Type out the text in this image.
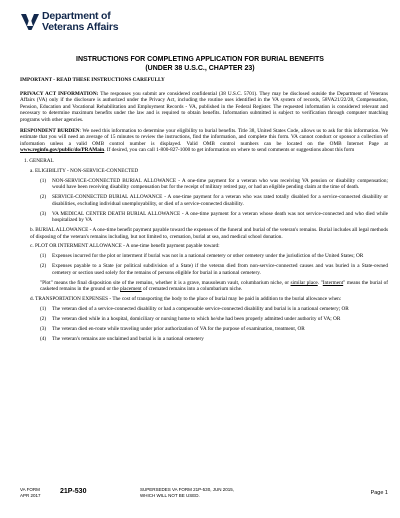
Department of
Veterans Affairs
INSTRUCTIONS FOR COMPLETING APPLICATION FOR BURIAL BENEFITS
(UNDER 38 U.S.C., CHAPTER 23)

IMPORTANT - READ THESE INSTRUCTIONS CAREFULLY

PRIVACY ACT INFORMATION: The responses you submit are considered confidential (38 U.S.C. 5701). They may be disclosed outside the Department of Veterans Affairs (VA) only if the disclosure is authorized under the Privacy Act, including the routine uses identified in the VA system of records, 58VA21/22/28, Compensation, Pension, Education and Vocational Rehabilitation and Employment Records - VA, published in the Federal Register. The requested information is considered relevant and necessary to determine maximum benefits under the law and is required to obtain benefits. Information submitted is subject to verification through computer matching programs with other agencies.

RESPONDENT BURDEN: We need this information to determine your eligibility to burial benefits. Title 38, United States Code, allows us to ask for this information. We estimate that you will need an average of 15 minutes to review the instructions, find the information, and complete this form. VA cannot conduct or sponsor a collection of information unless a valid OMB control number is displayed. Valid OMB control numbers can be located on the OMB Internet Page at www.reginfo.gov/public/do/PRAMain. If desired, you can call 1-800-827-1000 to get information on where to send comments or suggestions about this form

1. GENERAL

a. ELIGIBILITY - NON-SERVICE-CONNECTED

(1)	NON-SERVICE-CONNECTED BURIAL ALLOWANCE - A one-time payment for a veteran who was receiving VA pension or disability compensation; would have been receiving disability compensation but for the receipt of military retired pay, or had an eligible pending claim at the time of death.
(2)	SERVICE-CONNECTED BURIAL ALLOWANCE - A one-time payment for a veteran who was rated totally disabled for a service-connected disability or disabilities, excluding individual unemployability, or died of a service-connected disability.
(3)	VA MEDICAL CENTER DEATH BURIAL ALLOWANCE - A one-time payment for a veteran whose death was not service-connected and who died while hospitalized by VA

b. BURIAL ALLOWANCE - A one-time benefit payment payable toward the expenses of the funeral and burial of the veteran's remains. Burial includes all legal methods of disposing of the veteran's remains including, but not limited to, cremation, burial at sea, and medical school donation.

c. PLOT OR INTERMENT ALLOWANCE - A one-time benefit payment payable toward:

(1)	Expenses incurred for the plot or interment if burial was not in a national cemetery or other cemetery under the jurisdiction of the United States; OR
(2)	Expenses payable to a State (or political subdivision of a State) if the veteran died from non-service-connected causes and was buried in a State-owned cemetery or section used solely for the remains of persons eligible for burial in a national cemetery.

"Plot" means the final disposition site of the remains, whether it is a grave, mausoleum vault, columbarium niche, or similar place. "Interment" means the burial of casketed remains in the ground or the placement of cremated remains into a columbarium niche.

d. TRANSPORTATION EXPENSES - The cost of transporting the body to the place of burial may be paid in addition to the burial allowance when:

(1)	The veteran died of a service-connected disability or had a compensable service-connected disability and burial is in a national cemetery; OR
(2)	The veteran died while in a hospital, domiciliary or nursing home to which he/she had been properly admitted under authority of VA; OR
(3)	The veteran died en-route while traveling under prior authorization of VA for the purpose of examination, treatment, OR
(4)	The veteran's remains are unclaimed and burial is in a national cemetery
VA FORM
APR 2017	21P-530	SUPERSEDES VA FORM 21P-530, JUN 2015,
WHICH WILL NOT BE USED.	Page 1
